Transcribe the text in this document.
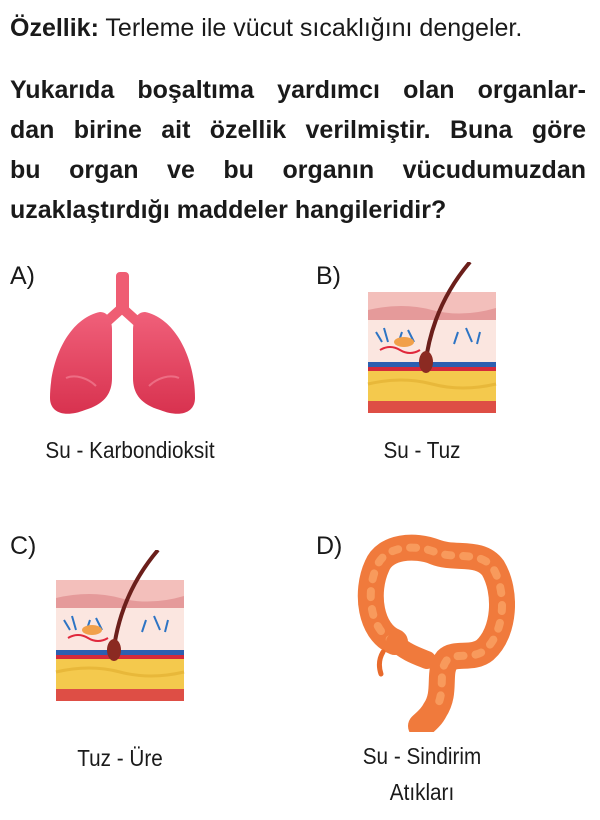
Özellik: Terleme ile vücut sıcaklığını dengeler.
Yukarıda boşaltıma yardımcı olan organlar-
dan birine ait özellik verilmiştir. Buna göre
bu organ ve bu organın vücudumuzdan
uzaklaştırdığı maddeler hangileridir?
A)
Su - Karbondioksit
B)
Su - Tuz
C)
Tuz - Üre
D)
Su - Sindirim
Atıkları
